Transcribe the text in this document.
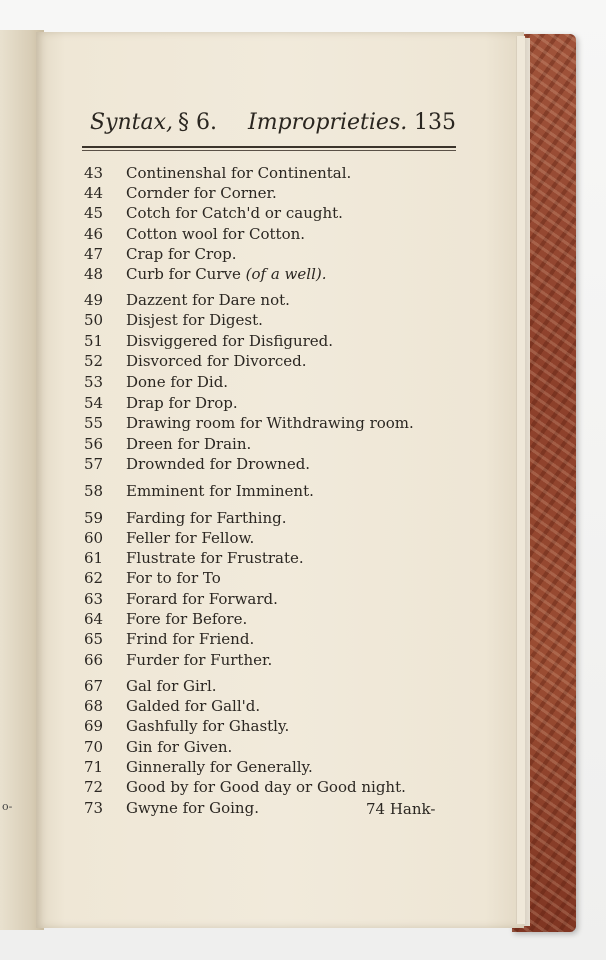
o-
Syntax, § 6. Improprieties. 135
43	Continenshal for Continental.
44	Cornder for Corner.
45	Cotch for Catch'd or caught.
46	Cotton wool for Cotton.
47	Crap for Crop.
48	Curb for Curve (of a well).
49	Dazzent for Dare not.
50	Disjest for Digest.
51	Disviggered for Disfigured.
52	Disvorced for Divorced.
53	Done for Did.
54	Drap for Drop.
55	Drawing room for Withdrawing room.
56	Dreen for Drain.
57	Drownded for Drowned.
58	Emminent for Imminent.
59	Farding for Farthing.
60	Feller for Fellow.
61	Flustrate for Frustrate.
62	For to for To
63	Forard for Forward.
64	Fore for Before.
65	Frind for Friend.
66	Furder for Further.
67	Gal for Girl.
68	Galded for Gall'd.
69	Gashfully for Ghastly.
70	Gin for Given.
71	Ginnerally for Generally.
72	Good by for Good day or Good night.
73	Gwyne for Going.	74 Hank-
